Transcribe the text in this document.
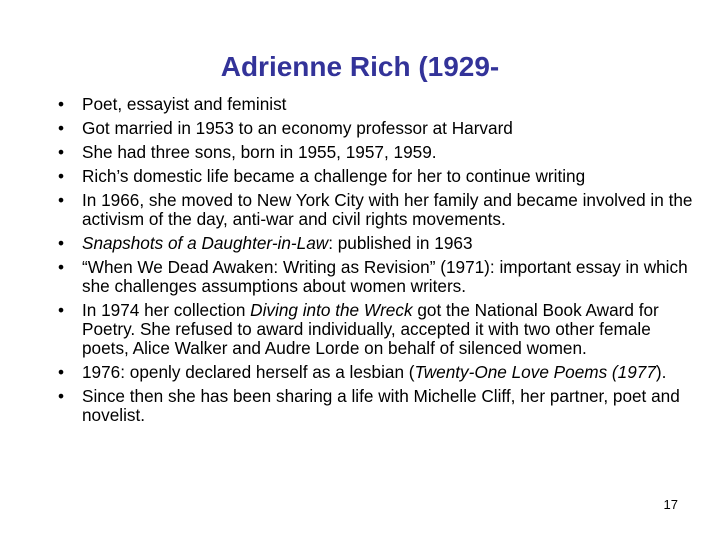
Adrienne Rich (1929-
• Poet, essayist and feminist
• Got married in 1953 to an economy professor at Harvard
• She had three sons, born in 1955, 1957, 1959.
• Rich’s domestic life became a challenge for her to continue writing
• In 1966, she moved to New York City with her family and became involved in the activism of the day, anti-war and civil rights movements.
• Snapshots of a Daughter-in-Law: published in 1963
• “When We Dead Awaken: Writing as Revision” (1971): important essay in which she challenges assumptions about women writers.
• In 1974 her collection Diving into the Wreck got the National Book Award for Poetry. She refused to award individually, accepted it with two other female poets, Alice Walker and Audre Lorde on behalf of silenced women.
• 1976: openly declared herself as a lesbian (Twenty-One Love Poems (1977).
• Since then she has been sharing a life with Michelle Cliff, her partner, poet and novelist.
17
